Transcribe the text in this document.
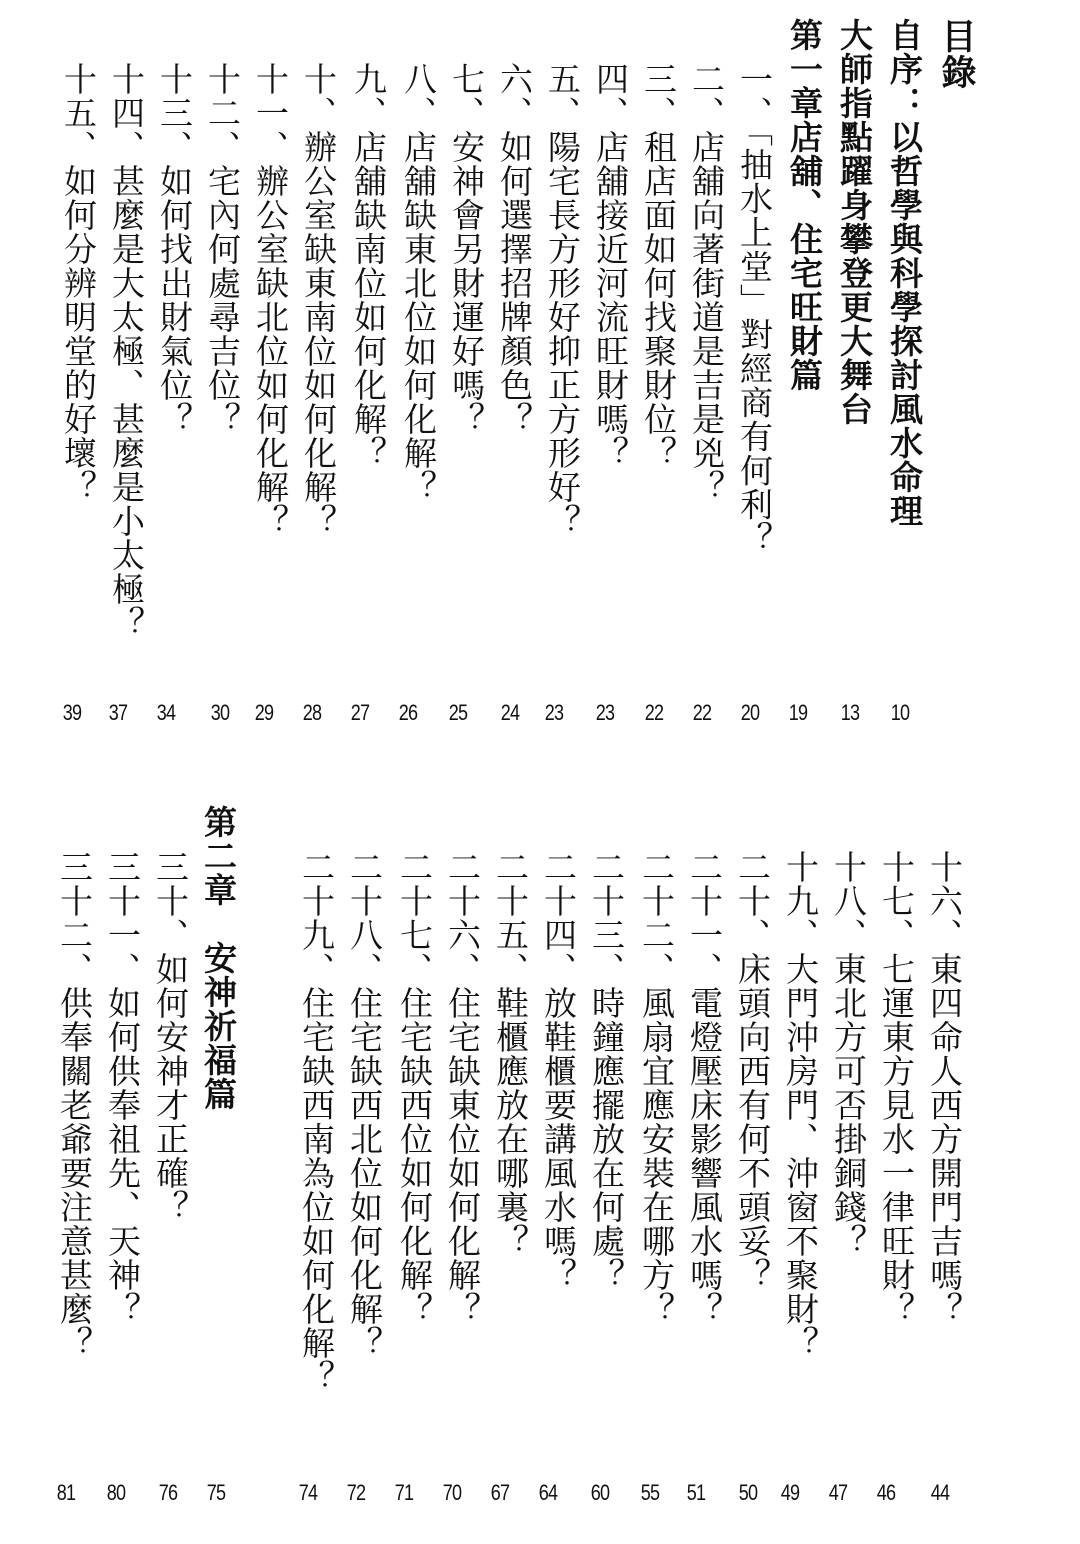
目錄
自序：以哲學與科學探討風水命理
大師指點躍身攀登更大舞台
第一章店舖、住宅旺財篇
一、「抽水上堂」對經商有何利？
二、店舖向著街道是吉是兇？
三、租店面如何找聚財位？
四、店舖接近河流旺財嗎？
五、陽宅長方形好抑正方形好？
六、如何選擇招牌顏色？
七、安神會另財運好嗎？
八、店舖缺東北位如何化解？
九、店舖缺南位如何化解？
十、辦公室缺東南位如何化解？
十一、辦公室缺北位如何化解？
十二、宅內何處尋吉位？
十三、如何找出財氣位？
十四、甚麼是大太極、甚麼是小太極？
十五、如何分辨明堂的好壞？
10
13
19
20
22
22
23
23
24
25
26
27
28
29
30
34
37
39
十六、東四命人西方開門吉嗎？
十七、七運東方見水一律旺財？
十八、東北方可否掛銅錢？
十九、大門沖房門、沖窗不聚財？
二十、床頭向西有何不頭妥？
二十一、電燈壓床影響風水嗎？
二十二、風扇宜應安裝在哪方？
二十三、時鐘應擺放在何處？
二十四、放鞋櫃要講風水嗎？
二十五、鞋櫃應放在哪裏？
二十六、住宅缺東位如何化解？
二十七、住宅缺西位如何化解？
二十八、住宅缺西北位如何化解？
二十九、住宅缺西南為位如何化解？
第二章　安神祈福篇
三十、如何安神才正確？
三十一、如何供奉祖先、天神？
三十二、供奉關老爺要注意甚麼？
44
46
47
49
50
51
55
60
64
67
70
71
72
74
75
76
80
81
